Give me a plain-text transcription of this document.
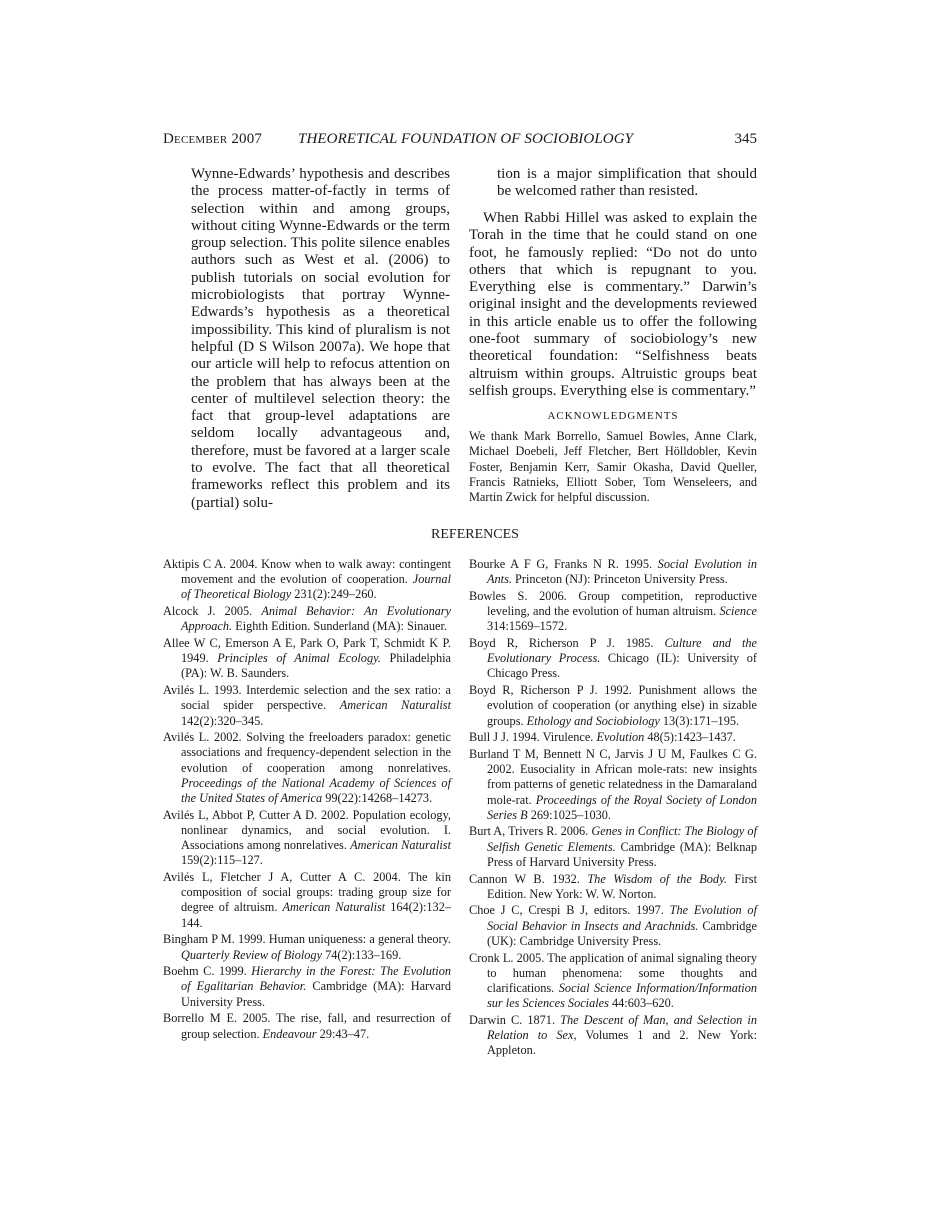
December 2007 THEORETICAL FOUNDATION OF SOCIOBIOLOGY	345
Wynne-Edwards’ hypothesis and describes the process matter-of-factly in terms of selection within and among groups, without citing Wynne-Edwards or the term group selection. This polite silence enables authors such as West et al. (2006) to publish tutorials on social evolution for microbiologists that portray Wynne-Edwards’s hypothesis as a theoretical impossibility. This kind of pluralism is not helpful (D S Wilson 2007a). We hope that our article will help to refocus attention on the problem that has always been at the center of multilevel selection theory: the fact that group-level adaptations are seldom locally advantageous and, therefore, must be favored at a larger scale to evolve. The fact that all theoretical frameworks reflect this problem and its (partial) solu-
tion is a major simplification that should be welcomed rather than resisted.
When Rabbi Hillel was asked to explain the Torah in the time that he could stand on one foot, he famously replied: “Do not do unto others that which is repugnant to you. Everything else is commentary.” Darwin’s original insight and the developments reviewed in this article enable us to offer the following one-foot summary of sociobiology’s new theoretical foundation: “Selfishness beats altruism within groups. Altruistic groups beat selfish groups. Everything else is commentary.”
ACKNOWLEDGMENTS
We thank Mark Borrello, Samuel Bowles, Anne Clark, Michael Doebeli, Jeff Fletcher, Bert Hölldobler, Kevin Foster, Benjamin Kerr, Samir Okasha, David Queller, Francis Ratnieks, Elliott Sober, Tom Wenseleers, and Martin Zwick for helpful discussion.
REFERENCES
Aktipis C A. 2004. Know when to walk away: contingent movement and the evolution of cooperation. Journal of Theoretical Biology 231(2):249–260.
Alcock J. 2005. Animal Behavior: An Evolutionary Approach. Eighth Edition. Sunderland (MA): Sinauer.
Allee W C, Emerson A E, Park O, Park T, Schmidt K P. 1949. Principles of Animal Ecology. Philadelphia (PA): W. B. Saunders.
Avilés L. 1993. Interdemic selection and the sex ratio: a social spider perspective. American Naturalist 142(2):320–345.
Avilés L. 2002. Solving the freeloaders paradox: genetic associations and frequency-dependent selection in the evolution of cooperation among nonrelatives. Proceedings of the National Academy of Sciences of the United States of America 99(22):14268–14273.
Avilés L, Abbot P, Cutter A D. 2002. Population ecology, nonlinear dynamics, and social evolution. I. Associations among nonrelatives. American Naturalist 159(2):115–127.
Avilés L, Fletcher J A, Cutter A C. 2004. The kin composition of social groups: trading group size for degree of altruism. American Naturalist 164(2):132–144.
Bingham P M. 1999. Human uniqueness: a general theory. Quarterly Review of Biology 74(2):133–169.
Boehm C. 1999. Hierarchy in the Forest: The Evolution of Egalitarian Behavior. Cambridge (MA): Harvard University Press.
Borrello M E. 2005. The rise, fall, and resurrection of group selection. Endeavour 29:43–47.
Bourke A F G, Franks N R. 1995. Social Evolution in Ants. Princeton (NJ): Princeton University Press.
Bowles S. 2006. Group competition, reproductive leveling, and the evolution of human altruism. Science 314:1569–1572.
Boyd R, Richerson P J. 1985. Culture and the Evolutionary Process. Chicago (IL): University of Chicago Press.
Boyd R, Richerson P J. 1992. Punishment allows the evolution of cooperation (or anything else) in sizable groups. Ethology and Sociobiology 13(3):171–195.
Bull J J. 1994. Virulence. Evolution 48(5):1423–1437.
Burland T M, Bennett N C, Jarvis J U M, Faulkes C G. 2002. Eusociality in African mole-rats: new insights from patterns of genetic relatedness in the Damaraland mole-rat. Proceedings of the Royal Society of London Series B 269:1025–1030.
Burt A, Trivers R. 2006. Genes in Conflict: The Biology of Selfish Genetic Elements. Cambridge (MA): Belknap Press of Harvard University Press.
Cannon W B. 1932. The Wisdom of the Body. First Edition. New York: W. W. Norton.
Choe J C, Crespi B J, editors. 1997. The Evolution of Social Behavior in Insects and Arachnids. Cambridge (UK): Cambridge University Press.
Cronk L. 2005. The application of animal signaling theory to human phenomena: some thoughts and clarifications. Social Science Information/Information sur les Sciences Sociales 44:603–620.
Darwin C. 1871. The Descent of Man, and Selection in Relation to Sex, Volumes 1 and 2. New York: Appleton.
